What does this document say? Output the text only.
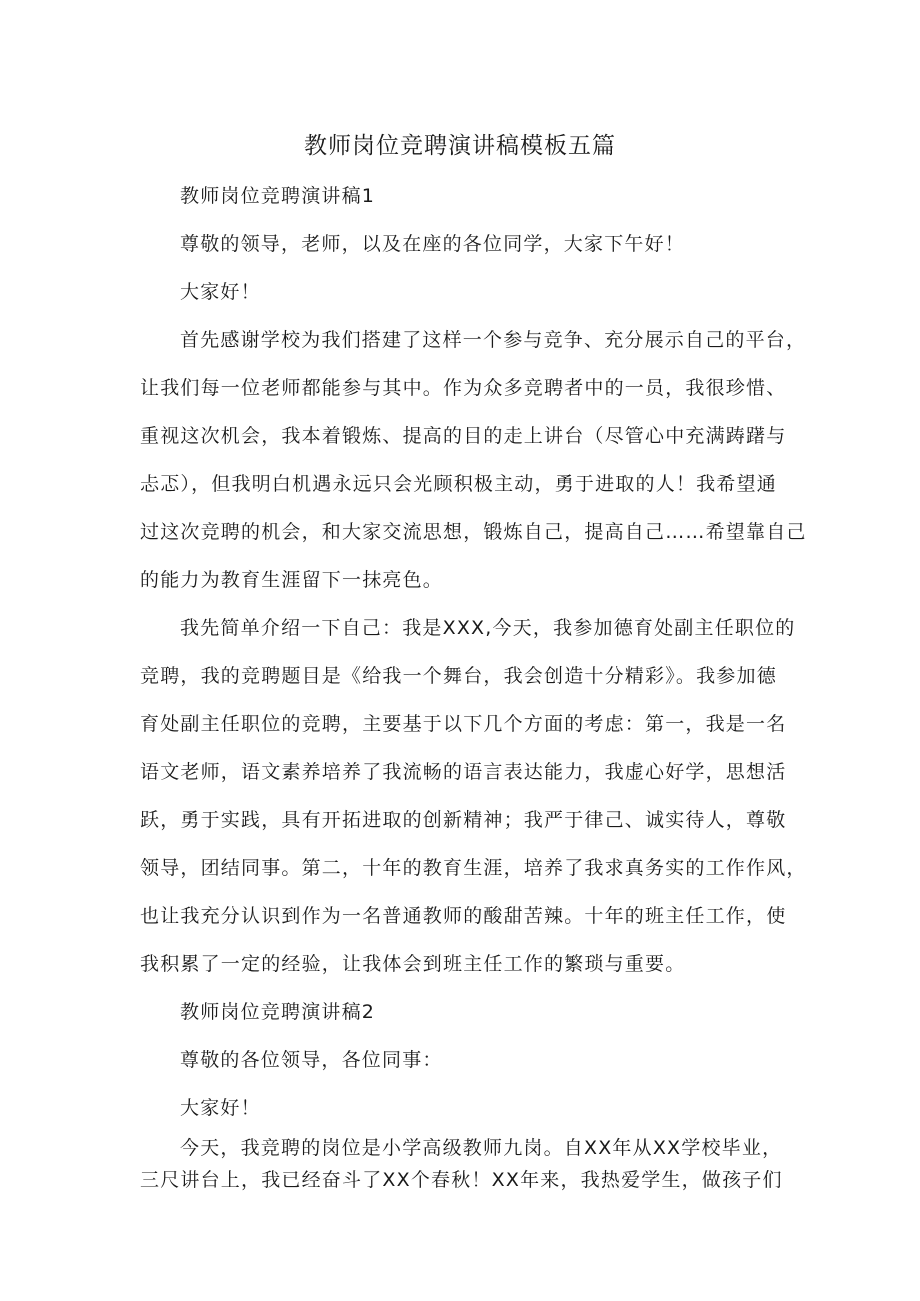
教师岗位竞聘演讲稿模板五篇
教师岗位竞聘演讲稿1
尊敬的领导，老师，以及在座的各位同学，大家下午好！
大家好！
首先感谢学校为我们搭建了这样一个参与竞争、充分展示自己的平台，
让我们每一位老师都能参与其中。作为众多竞聘者中的一员，我很珍惜、
重视这次机会，我本着锻炼、提高的目的走上讲台（尽管心中充满踌躇与
忐忑），但我明白机遇永远只会光顾积极主动，勇于进取的人！我希望通
过这次竞聘的机会，和大家交流思想，锻炼自己，提高自己……希望靠自己
的能力为教育生涯留下一抹亮色。
我先简单介绍一下自己：我是XXX,今天，我参加德育处副主任职位的
竞聘，我的竞聘题目是《给我一个舞台，我会创造十分精彩》。我参加德
育处副主任职位的竞聘，主要基于以下几个方面的考虑：第一，我是一名
语文老师，语文素养培养了我流畅的语言表达能力，我虚心好学，思想活
跃，勇于实践，具有开拓进取的创新精神；我严于律己、诚实待人，尊敬
领导，团结同事。第二，十年的教育生涯，培养了我求真务实的工作作风，
也让我充分认识到作为一名普通教师的酸甜苦辣。十年的班主任工作，使
我积累了一定的经验，让我体会到班主任工作的繁琐与重要。
教师岗位竞聘演讲稿2
尊敬的各位领导，各位同事：
大家好！
今天，我竞聘的岗位是小学高级教师九岗。自XX年从XX学校毕业，
三尺讲台上，我已经奋斗了XX个春秋！XX年来，我热爱学生，做孩子们
